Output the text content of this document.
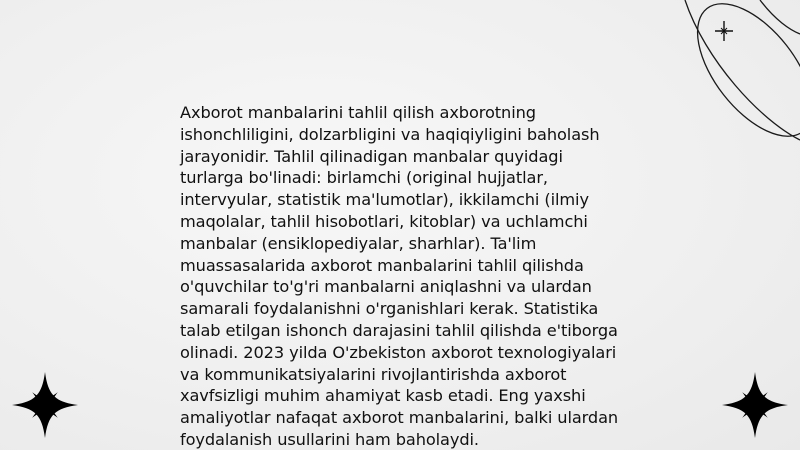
Axborot manbalarini tahlil qilish axborotning ishonchliligini, dolzarbligini va haqiqiyligini baholash jarayonidir. Tahlil qilinadigan manbalar quyidagi turlarga bo'linadi: birlamchi (original hujjatlar, intervyular, statistik ma'lumotlar), ikkilamchi (ilmiy maqolalar, tahlil hisobotlari, kitoblar) va uchlamchi manbalar (ensiklopediyalar, sharhlar). Ta'lim muassasalarida axborot manbalarini tahlil qilishda o'quvchilar to'g'ri manbalarni aniqlashni va ulardan samarali foydalanishni o'rganishlari kerak. Statistika talab etilgan ishonch darajasini tahlil qilishda e'tiborga olinadi. 2023 yilda O'zbekiston axborot texnologiyalari va kommunikatsiyalarini rivojlantirishda axborot xavfsizligi muhim ahamiyat kasb etadi. Eng yaxshi amaliyotlar nafaqat axborot manbalarini, balki ulardan foydalanish usullarini ham baholaydi.
